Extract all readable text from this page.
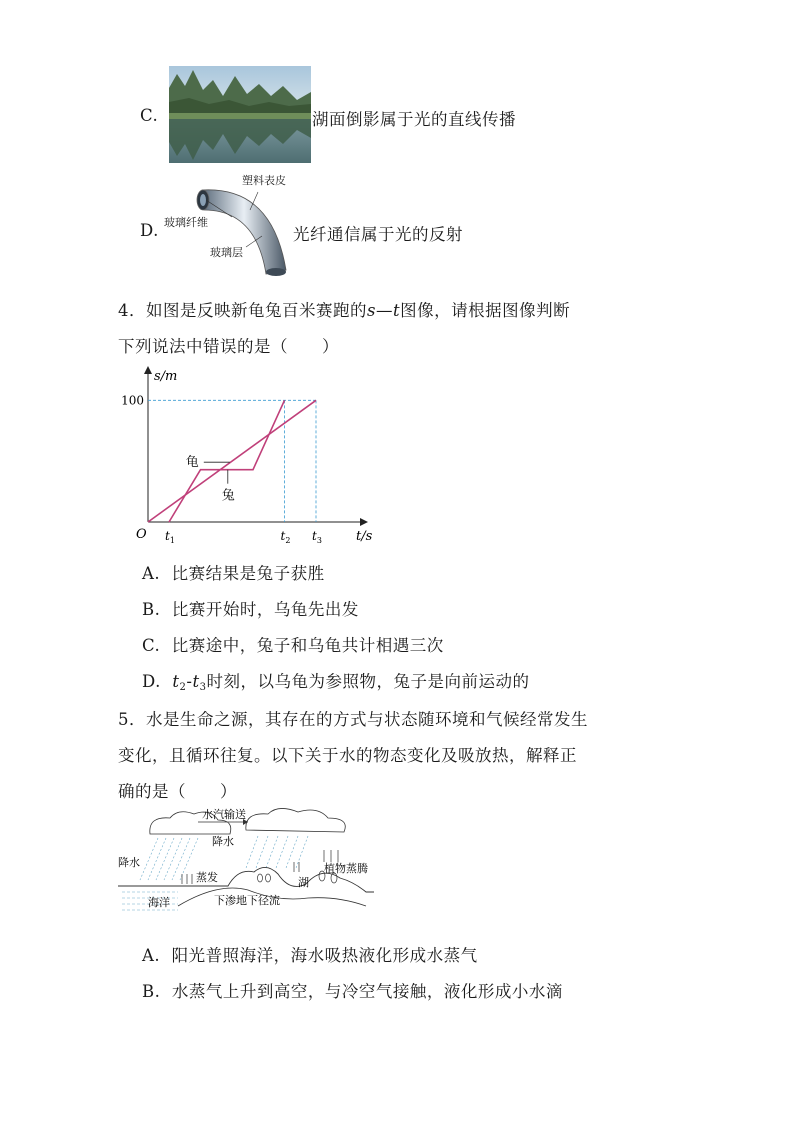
C.	湖面倒影属于光的直线传播
D.
塑料表皮
玻璃纤维
玻璃层
光纤通信属于光的反射
4．如图是反映新龟兔百米赛跑的s—t图像，请根据图像判断
下列说法中错误的是（　　）
100
$t_1$	$t_2$ $t_3$
龟
兔
s/m
t/s
O
A. 比赛结果是兔子获胜
B. 比赛开始时，乌龟先出发
C. 比赛途中，兔子和乌龟共计相遇三次
D. $t_2-t_3$时刻，以乌龟为参照物，兔子是向前运动的
5．水是生命之源，其存在的方式与状态随环境和气候经常发生
变化，且循环往复。以下关于水的物态变化及吸放热，解释正
确的是（　　）
降水
水汽输送
降水
蒸发	湖
植物蒸腾
海洋	下渗地下径流
A. 阳光普照海洋，海水吸热液化形成水蒸气
B. 水蒸气上升到高空，与冷空气接触，液化形成小水滴
